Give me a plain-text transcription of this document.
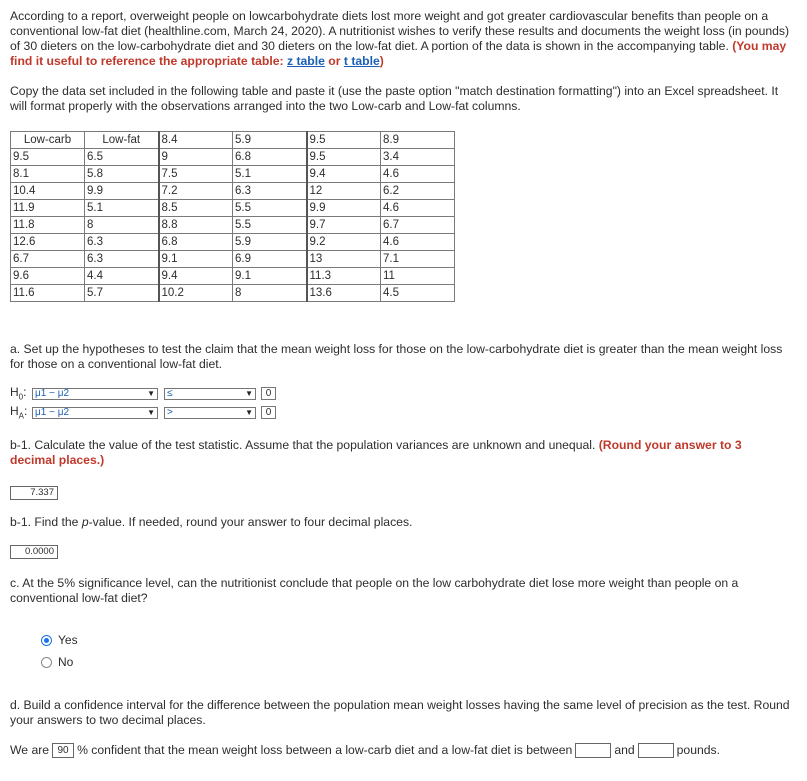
According to a report, overweight people on lowcarbohydrate diets lost more weight and got greater cardiovascular benefits than people on a conventional low-fat diet (healthline.com, March 24, 2020). A nutritionist wishes to verify these results and documents the weight loss (in pounds) of 30 dieters on the low-carbohydrate diet and 30 dieters on the low-fat diet. A portion of the data is shown in the accompanying table. (You may find it useful to reference the appropriate table: z table or t table)

Copy the data set included in the following table and paste it (use the paste option "match destination formatting") into an Excel spreadsheet. It will format properly with the observations arranged into the two Low-carb and Low-fat columns.

Low-carb	Low-fat	8.4	5.9	9.5	8.9
9.5	6.5	9	6.8	9.5	3.4
8.1	5.8	7.5	5.1	9.4	4.6
10.4	9.9	7.2	6.3	12	6.2
11.9	5.1	8.5	5.5	9.9	4.6
11.8	8	8.8	5.5	9.7	6.7
12.6	6.3	6.8	5.9	9.2	4.6
6.7	6.3	9.1	6.9	13	7.1
9.6	4.4	9.4	9.1	11.3	11
11.6	5.7	10.2	8	13.6	4.5

a. Set up the hypotheses to test the claim that the mean weight loss for those on the low-carbohydrate diet is greater than the mean weight loss for those on a conventional low-fat diet.

$H_0$: μ1 − μ2	▼	≤	▼	0
$H_A$: μ1 − μ2	▼	>	▼	0

b-1. Calculate the value of the test statistic. Assume that the population variances are unknown and unequal. (Round your answer to 3 decimal places.)

7.337

b-1. Find the p-value. If needed, round your answer to four decimal places.

0.0000

c. At the 5% significance level, can the nutritionist conclude that people on the low carbohydrate diet lose more weight than people on a conventional low-fat diet?

Yes
No

d. Build a confidence interval for the difference between the population mean weight losses having the same level of precision as the test. Round your answers to two decimal places.

We are 90 % confident that the mean weight loss between a low-carb diet and a low-fat diet is between	and	pounds.
